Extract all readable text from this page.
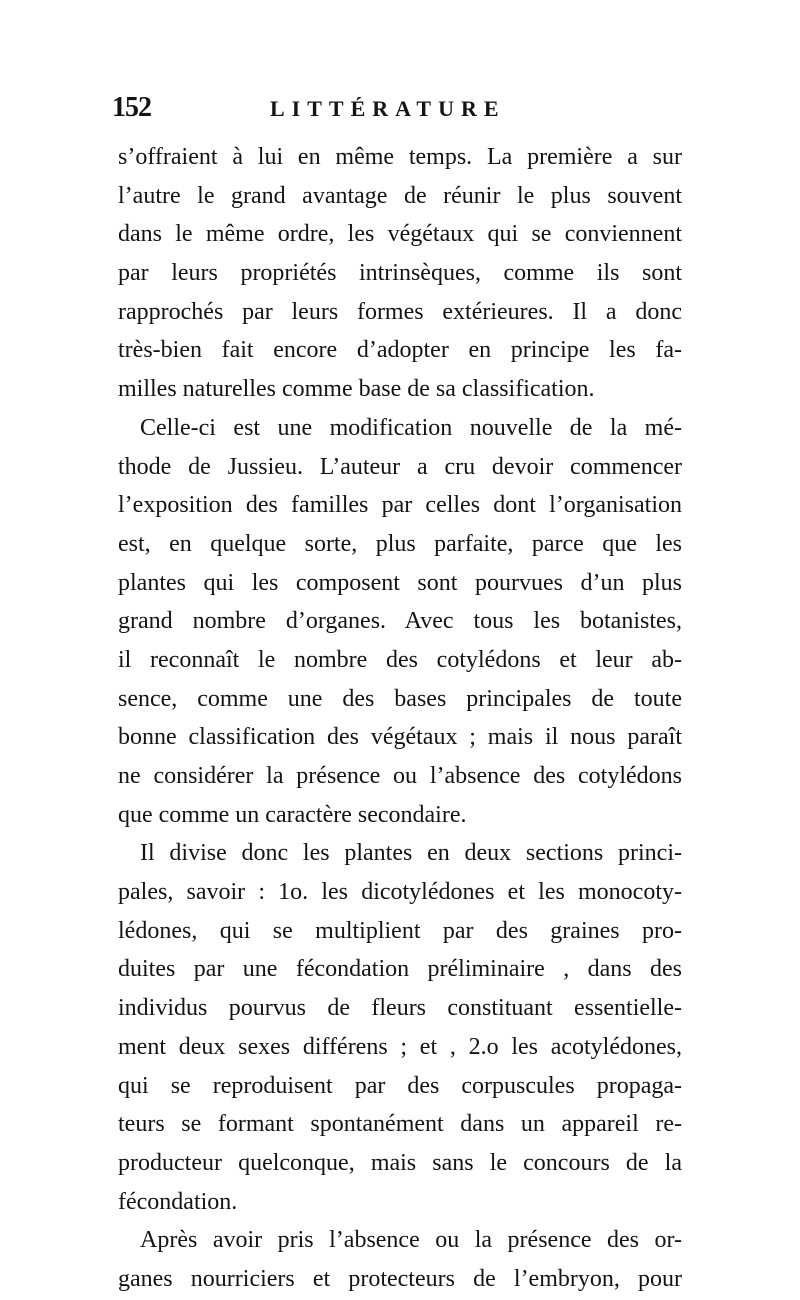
152	LITTÉRATURE
s’offraient à lui en même temps. La première a sur
l’autre le grand avantage de réunir le plus souvent
dans le même ordre, les végétaux qui se conviennent
par leurs propriétés intrinsèques, comme ils sont
rapprochés par leurs formes extérieures. Il a donc
très-bien fait encore d’adopter en principe les fa-
milles naturelles comme base de sa classification.
Celle-ci est une modification nouvelle de la mé-
thode de Jussieu. L’auteur a cru devoir commencer
l’exposition des familles par celles dont l’organisation
est, en quelque sorte, plus parfaite, parce que les
plantes qui les composent sont pourvues d’un plus
grand nombre d’organes. Avec tous les botanistes,
il reconnaît le nombre des cotylédons et leur ab-
sence, comme une des bases principales de toute
bonne classification des végétaux ; mais il nous paraît
ne considérer la présence ou l’absence des cotylédons
que comme un caractère secondaire.
Il divise donc les plantes en deux sections princi-
pales, savoir : 1o. les dicotylédones et les monocoty-
lédones, qui se multiplient par des graines pro-
duites par une fécondation préliminaire , dans des
individus pourvus de fleurs constituant essentielle-
ment deux sexes différens ; et , 2.o les acotylédones,
qui se reproduisent par des corpuscules propaga-
teurs se formant spontanément dans un appareil re-
producteur quelconque, mais sans le concours de la
fécondation.
Après avoir pris l’absence ou la présence des or-
ganes nourriciers et protecteurs de l’embryon, pour
